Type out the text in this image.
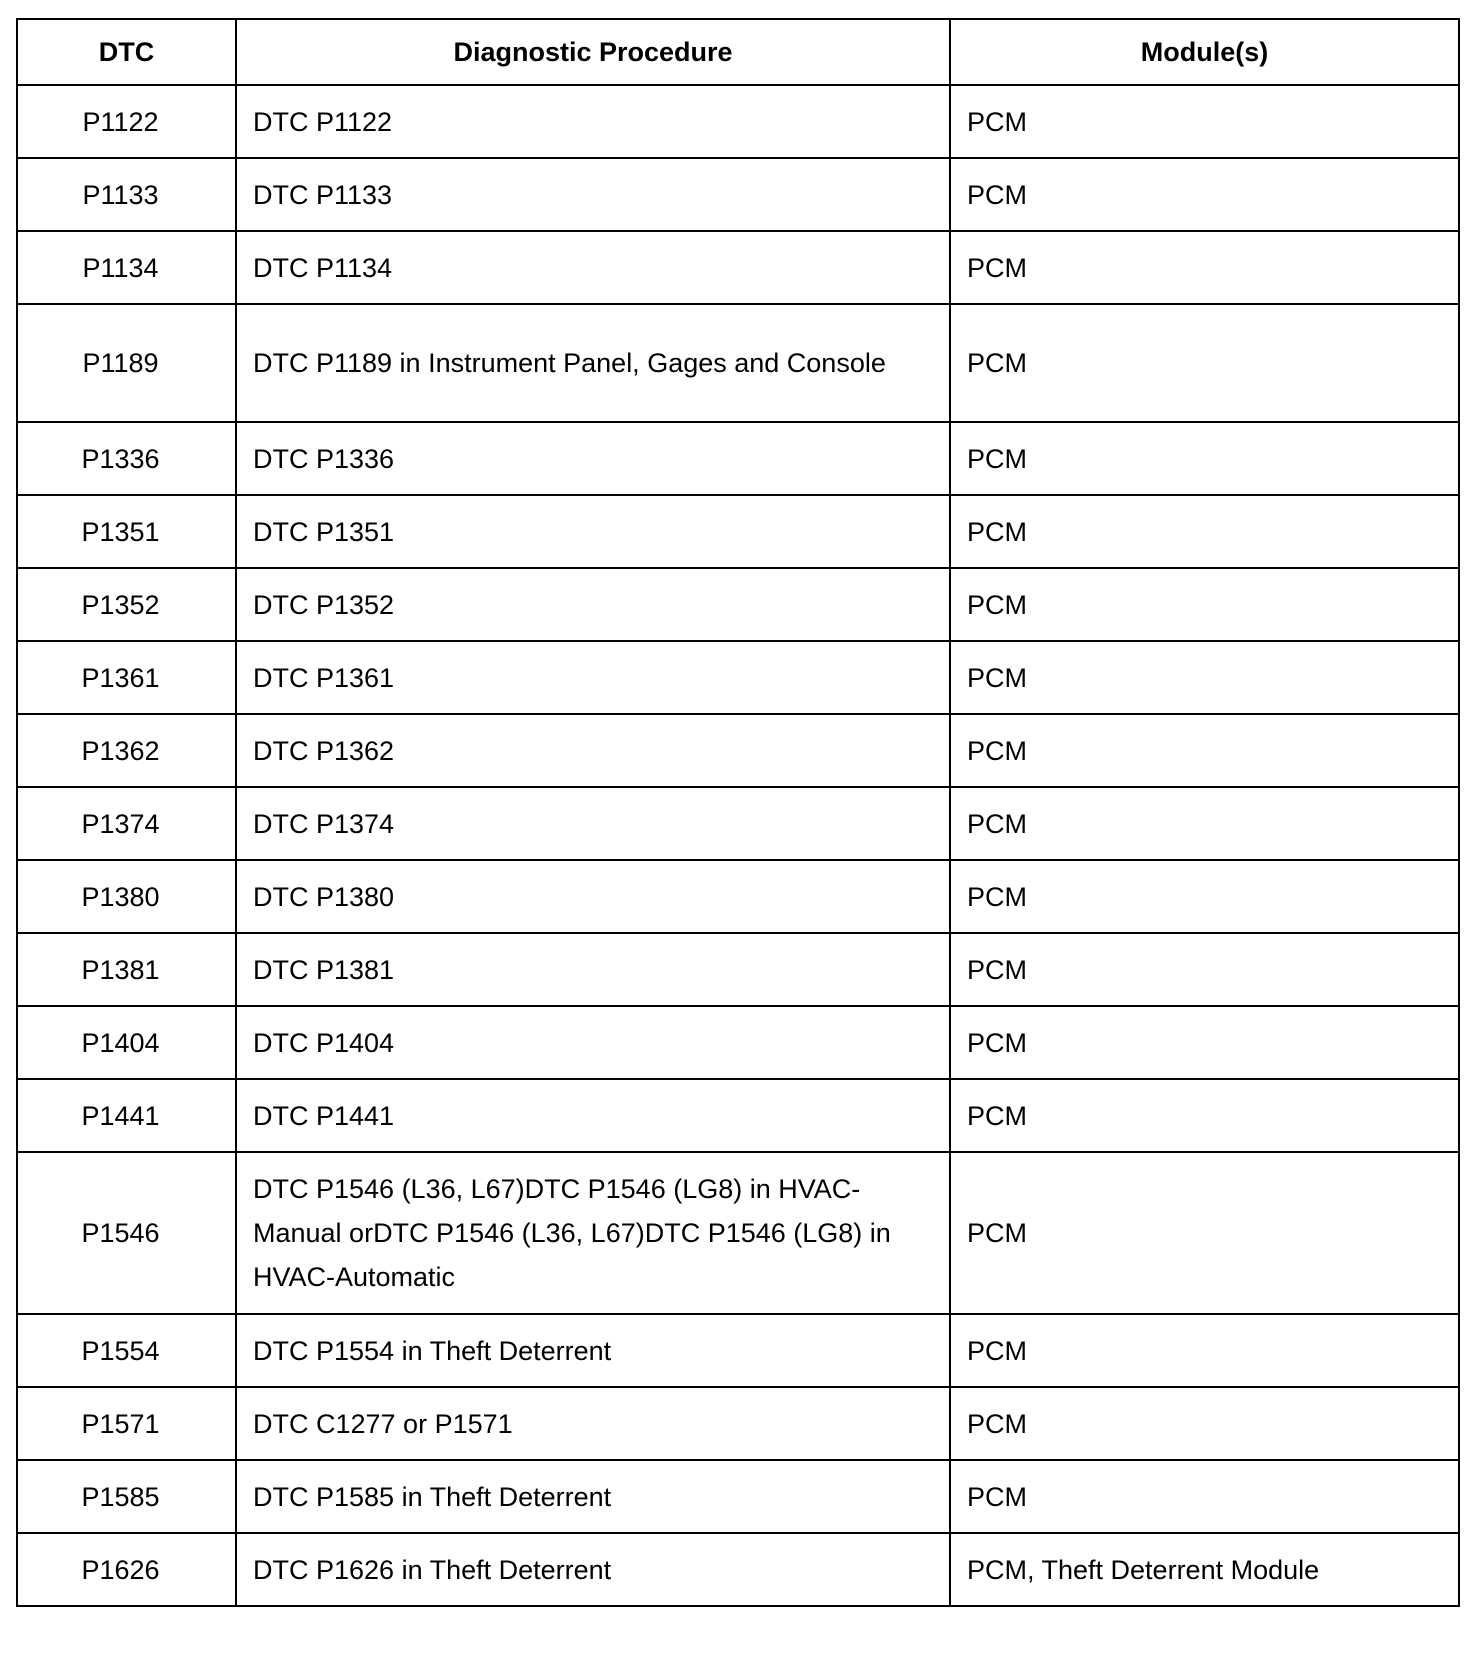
DTC	Diagnostic Procedure	Module(s)
P1122	DTC P1122	PCM
P1133	DTC P1133	PCM
P1134	DTC P1134	PCM
P1189	DTC P1189 in Instrument Panel, Gages and Console	PCM
P1336	DTC P1336	PCM
P1351	DTC P1351	PCM
P1352	DTC P1352	PCM
P1361	DTC P1361	PCM
P1362	DTC P1362	PCM
P1374	DTC P1374	PCM
P1380	DTC P1380	PCM
P1381	DTC P1381	PCM
P1404	DTC P1404	PCM
P1441	DTC P1441	PCM
P1546	DTC P1546 (L36, L67)DTC P1546 (LG8) in HVAC-Manual orDTC P1546 (L36, L67)DTC P1546 (LG8) in HVAC-Automatic	PCM
P1554	DTC P1554 in Theft Deterrent	PCM
P1571	DTC C1277 or P1571	PCM
P1585	DTC P1585 in Theft Deterrent	PCM
P1626	DTC P1626 in Theft Deterrent	PCM, Theft Deterrent Module
